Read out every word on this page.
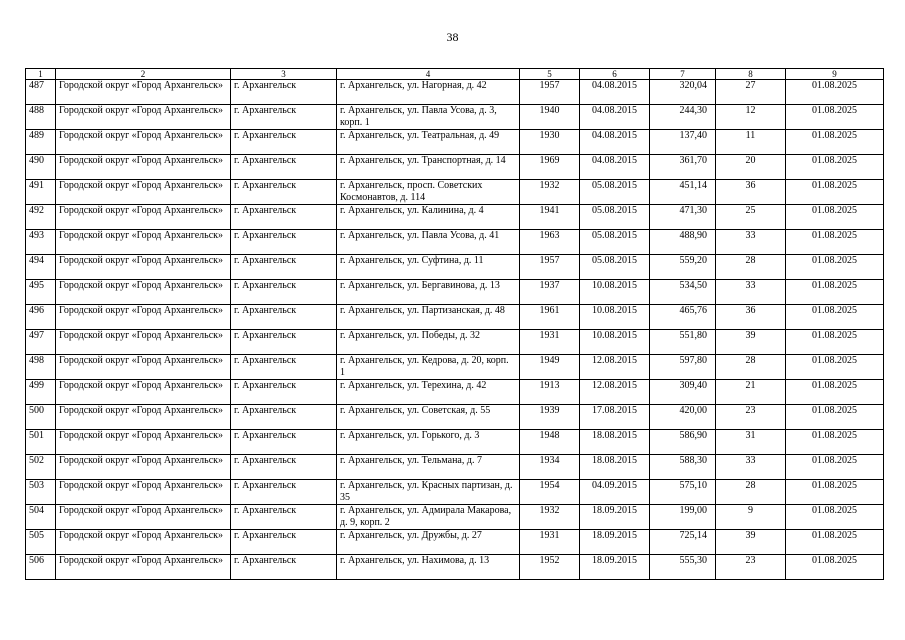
38
1	2	3	4	5	6	7	8	9
487	Городской округ «Город Архангельск»	г. Архангельск	г. Архангельск, ул. Нагорная, д. 42	1957	04.08.2015	320,04	27	01.08.2025
488	Городской округ «Город Архангельск»	г. Архангельск	г. Архангельск, ул. Павла Усова, д. 3, корп. 1	1940	04.08.2015	244,30	12	01.08.2025
489	Городской округ «Город Архангельск»	г. Архангельск	г. Архангельск, ул. Театральная, д. 49	1930	04.08.2015	137,40	11	01.08.2025
490	Городской округ «Город Архангельск»	г. Архангельск	г. Архангельск, ул. Транспортная, д. 14	1969	04.08.2015	361,70	20	01.08.2025
491	Городской округ «Город Архангельск»	г. Архангельск	г. Архангельск, просп. Советских Космонавтов, д. 114	1932	05.08.2015	451,14	36	01.08.2025
492	Городской округ «Город Архангельск»	г. Архангельск	г. Архангельск, ул. Калинина, д. 4	1941	05.08.2015	471,30	25	01.08.2025
493	Городской округ «Город Архангельск»	г. Архангельск	г. Архангельск, ул. Павла Усова, д. 41	1963	05.08.2015	488,90	33	01.08.2025
494	Городской округ «Город Архангельск»	г. Архангельск	г. Архангельск, ул. Суфтина, д. 11	1957	05.08.2015	559,20	28	01.08.2025
495	Городской округ «Город Архангельск»	г. Архангельск	г. Архангельск, ул. Бергавинова, д. 13	1937	10.08.2015	534,50	33	01.08.2025
496	Городской округ «Город Архангельск»	г. Архангельск	г. Архангельск, ул. Партизанская, д. 48	1961	10.08.2015	465,76	36	01.08.2025
497	Городской округ «Город Архангельск»	г. Архангельск	г. Архангельск, ул. Победы, д. 32	1931	10.08.2015	551,80	39	01.08.2025
498	Городской округ «Город Архангельск»	г. Архангельск	г. Архангельск, ул. Кедрова, д. 20, корп. 1	1949	12.08.2015	597,80	28	01.08.2025
499	Городской округ «Город Архангельск»	г. Архангельск	г. Архангельск, ул. Терехина, д. 42	1913	12.08.2015	309,40	21	01.08.2025
500	Городской округ «Город Архангельск»	г. Архангельск	г. Архангельск, ул. Советская, д. 55	1939	17.08.2015	420,00	23	01.08.2025
501	Городской округ «Город Архангельск»	г. Архангельск	г. Архангельск, ул. Горького, д. 3	1948	18.08.2015	586,90	31	01.08.2025
502	Городской округ «Город Архангельск»	г. Архангельск	г. Архангельск, ул. Тельмана, д. 7	1934	18.08.2015	588,30	33	01.08.2025
503	Городской округ «Город Архангельск»	г. Архангельск	г. Архангельск, ул. Красных партизан, д. 35	1954	04.09.2015	575,10	28	01.08.2025
504	Городской округ «Город Архангельск»	г. Архангельск	г. Архангельск, ул. Адмирала Макарова, д. 9, корп. 2	1932	18.09.2015	199,00	9	01.08.2025
505	Городской округ «Город Архангельск»	г. Архангельск	г. Архангельск, ул. Дружбы, д. 27	1931	18.09.2015	725,14	39	01.08.2025
506	Городской округ «Город Архангельск»	г. Архангельск	г. Архангельск, ул. Нахимова, д. 13	1952	18.09.2015	555,30	23	01.08.2025
